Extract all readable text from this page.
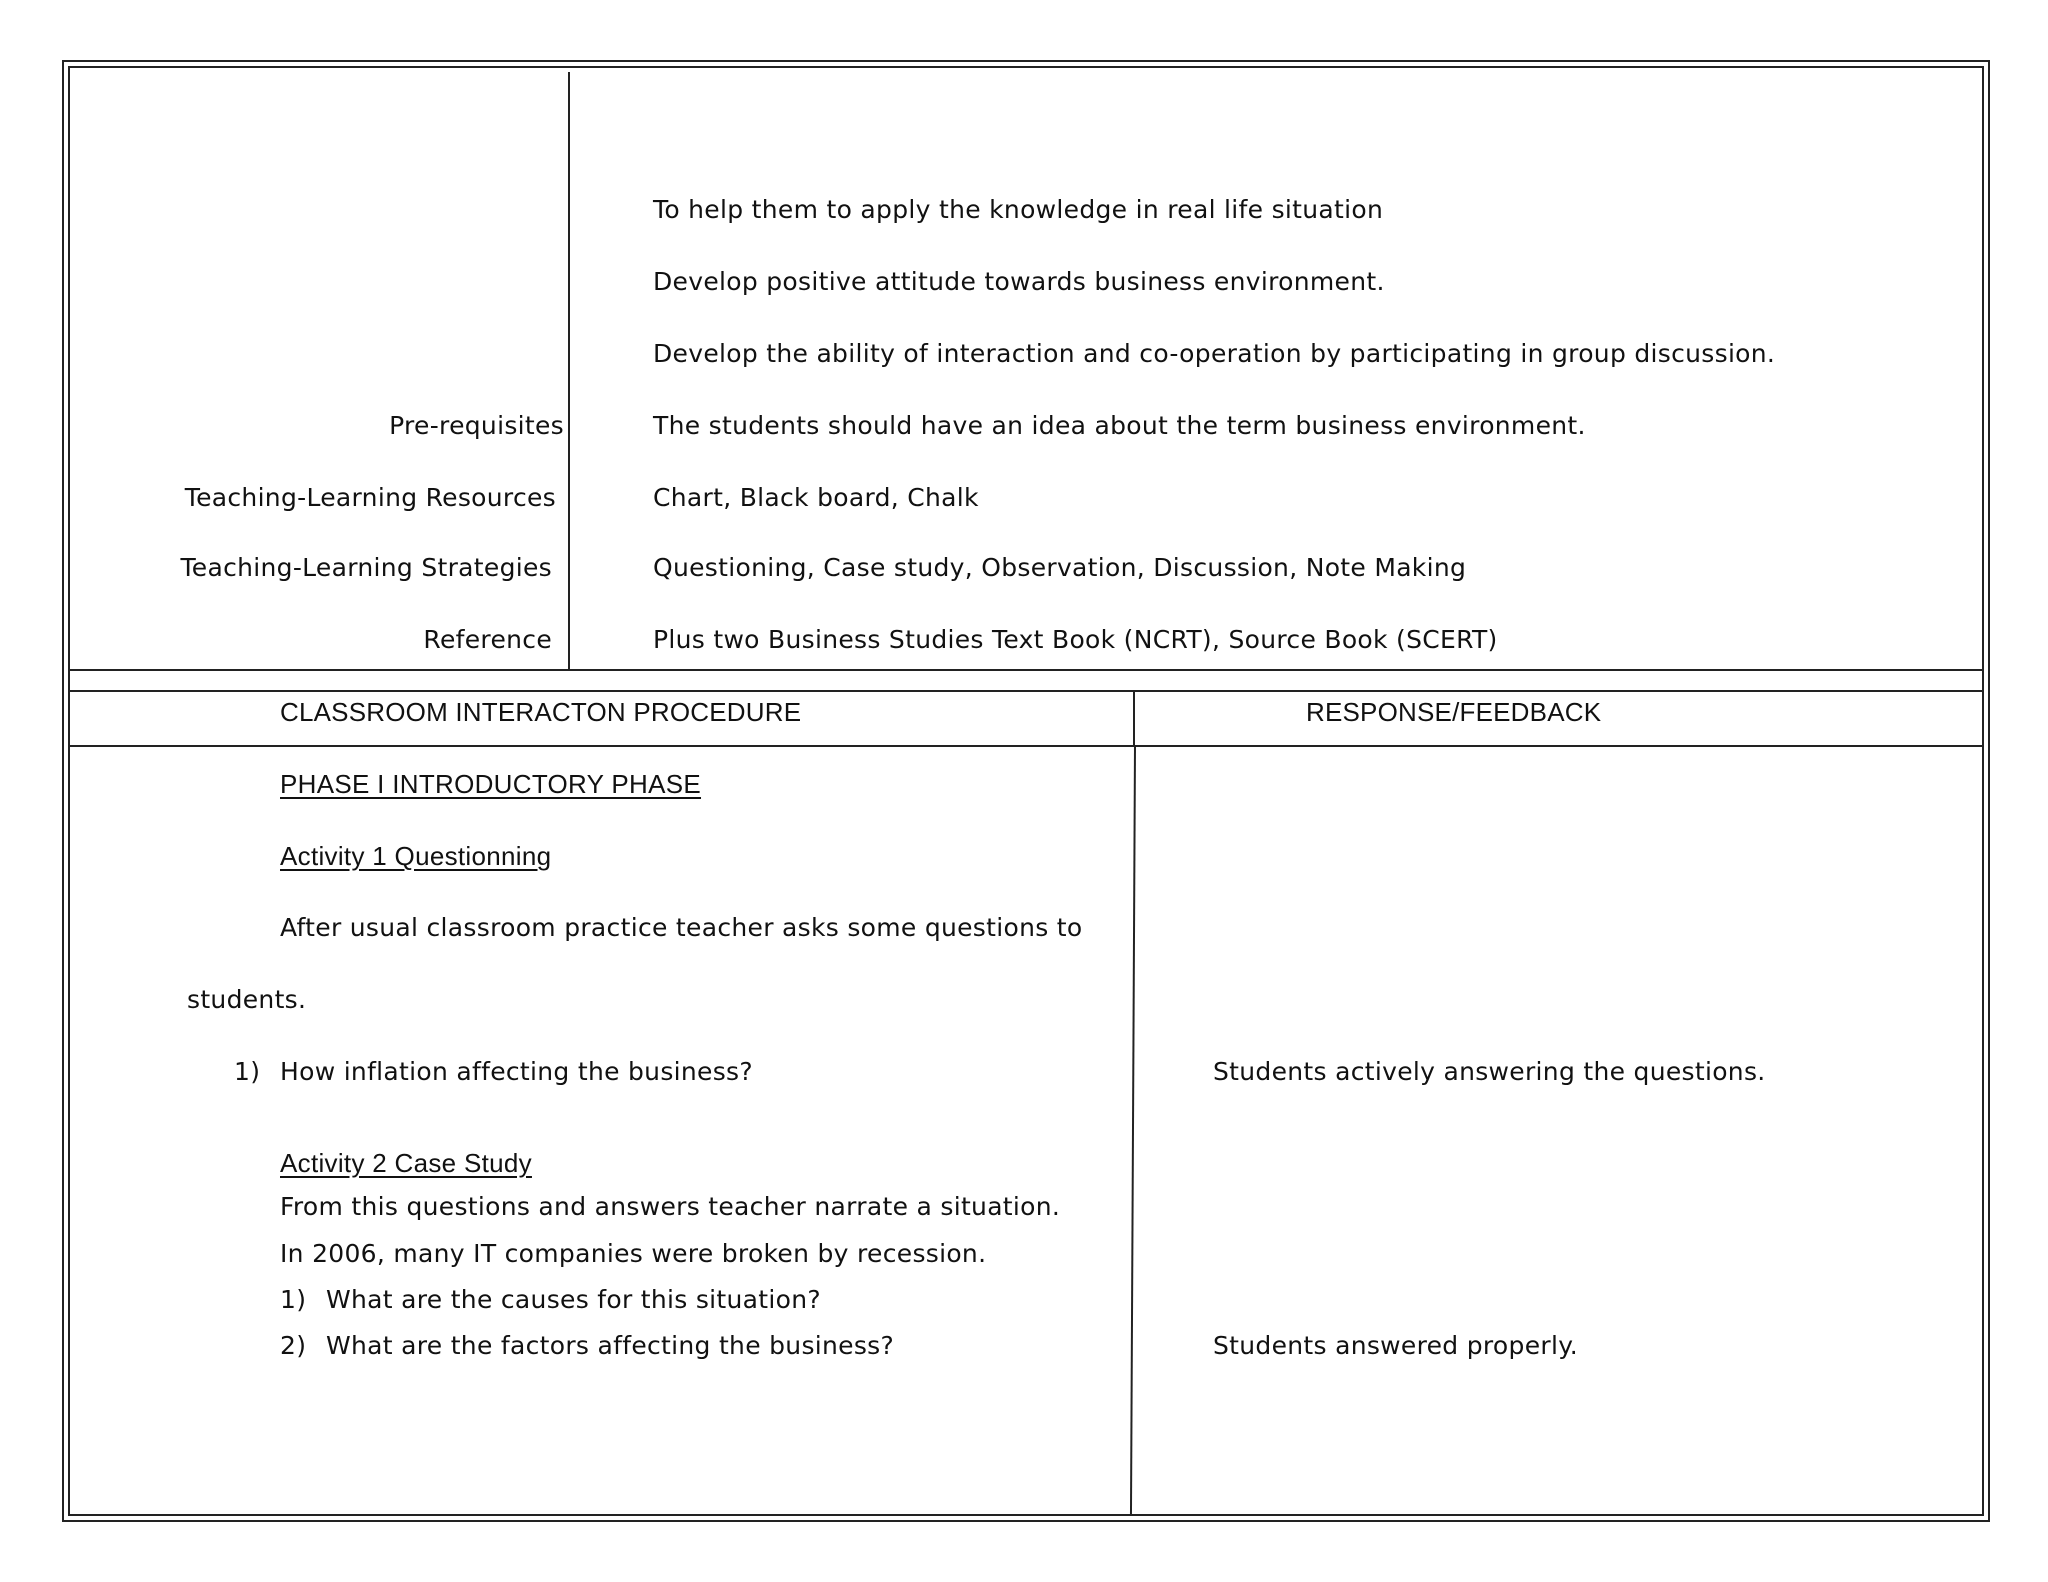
To help them to apply the knowledge in real life situation
Develop positive attitude towards business environment.
Develop the ability of interaction and co-operation by participating in group discussion.
Pre-requisites
Teaching-Learning Resources
Teaching-Learning Strategies
Reference
The students should have an idea about the term business environment.
Chart, Black board, Chalk
Questioning, Case study, Observation, Discussion, Note Making
Plus two Business Studies Text Book (NCRT), Source Book (SCERT)
CLASSROOM INTERACTON PROCEDURE	RESPONSE/FEEDBACK
PHASE I INTRODUCTORY PHASE
Activity 1 Questionning
After usual classroom practice teacher asks some questions to
students.
1) How inflation affecting the business?
Activity 2 Case Study
From this questions and answers teacher narrate a situation.
In 2006, many IT companies were broken by recession.
1) What are the causes for this situation?
2) What are the factors affecting the business?
Students actively answering the questions.
Students answered properly.
